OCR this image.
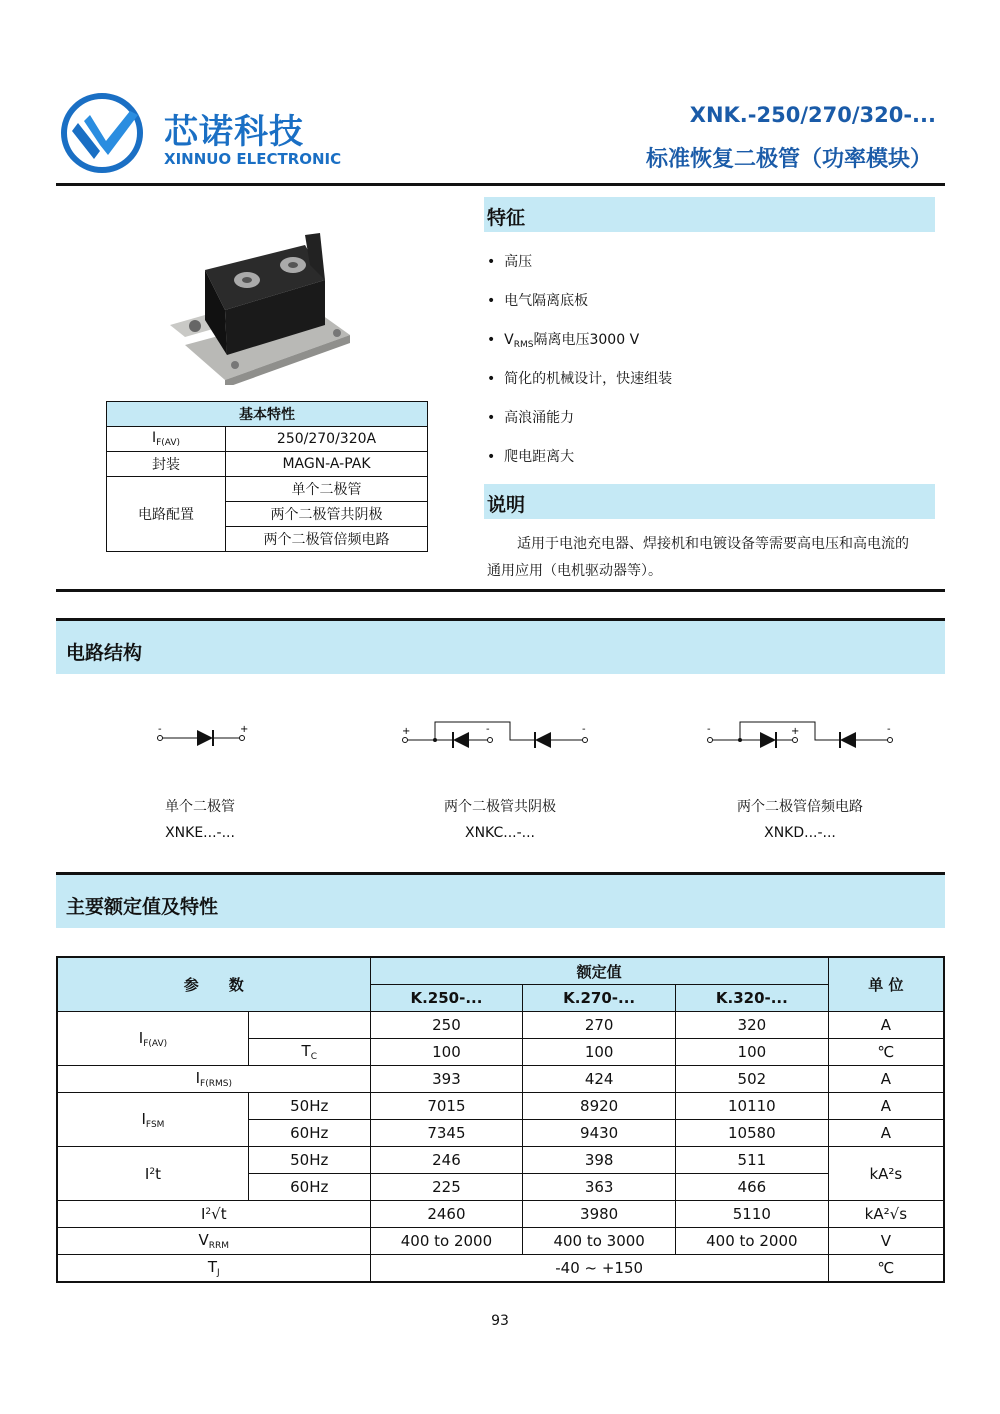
芯诺科技
XINNUO ELECTRONIC
XNK.-250/270/320-...
标准恢复二极管（功率模块）
基本特性	
$I_{F(AV)}$	250/270/320A
封装	MAGN-A-PAK
电路配置	单个二极管
	两个二极管共阴极
	两个二极管倍频电路
特征
•  高压
•  电气隔离底板
•  $V_{RMS}$隔离电压3000 V
•  简化的机械设计，快速组装
•  高浪涌能力
•  爬电距离大
说明
适用于电池充电器、焊接机和电镀设备等需要高电压和高电流的
通用应用（电机驱动器等）。
电路结构
-	+	+	-	-	-	+	-
单个二极管
XNKE...-...
两个二极管共阴极
XNKC...-...
两个二极管倍频电路
XNKD...-...
主要额定值及特性
参　　数		额定值			单 位
		K.250-...	K.270-...	K.320-...	
$I_{F(AV)}$		250	270	320	A
	$T_C$	100	100	100	℃
$I_{F(RMS)}$		393	424	502	A
$I_{FSM}$	50Hz	7015	8920	10110	A
	60Hz	7345	9430	10580	A
$I^2t$	50Hz	246	398	511	kA²s
	60Hz	225	363	466	
$I^2√t$		2460	3980	5110	kA²√s
$V_{RRM}$		400 to 2000	400 to 3000	400 to 2000	V
$T_J$		-40 ~ +150			℃
93
